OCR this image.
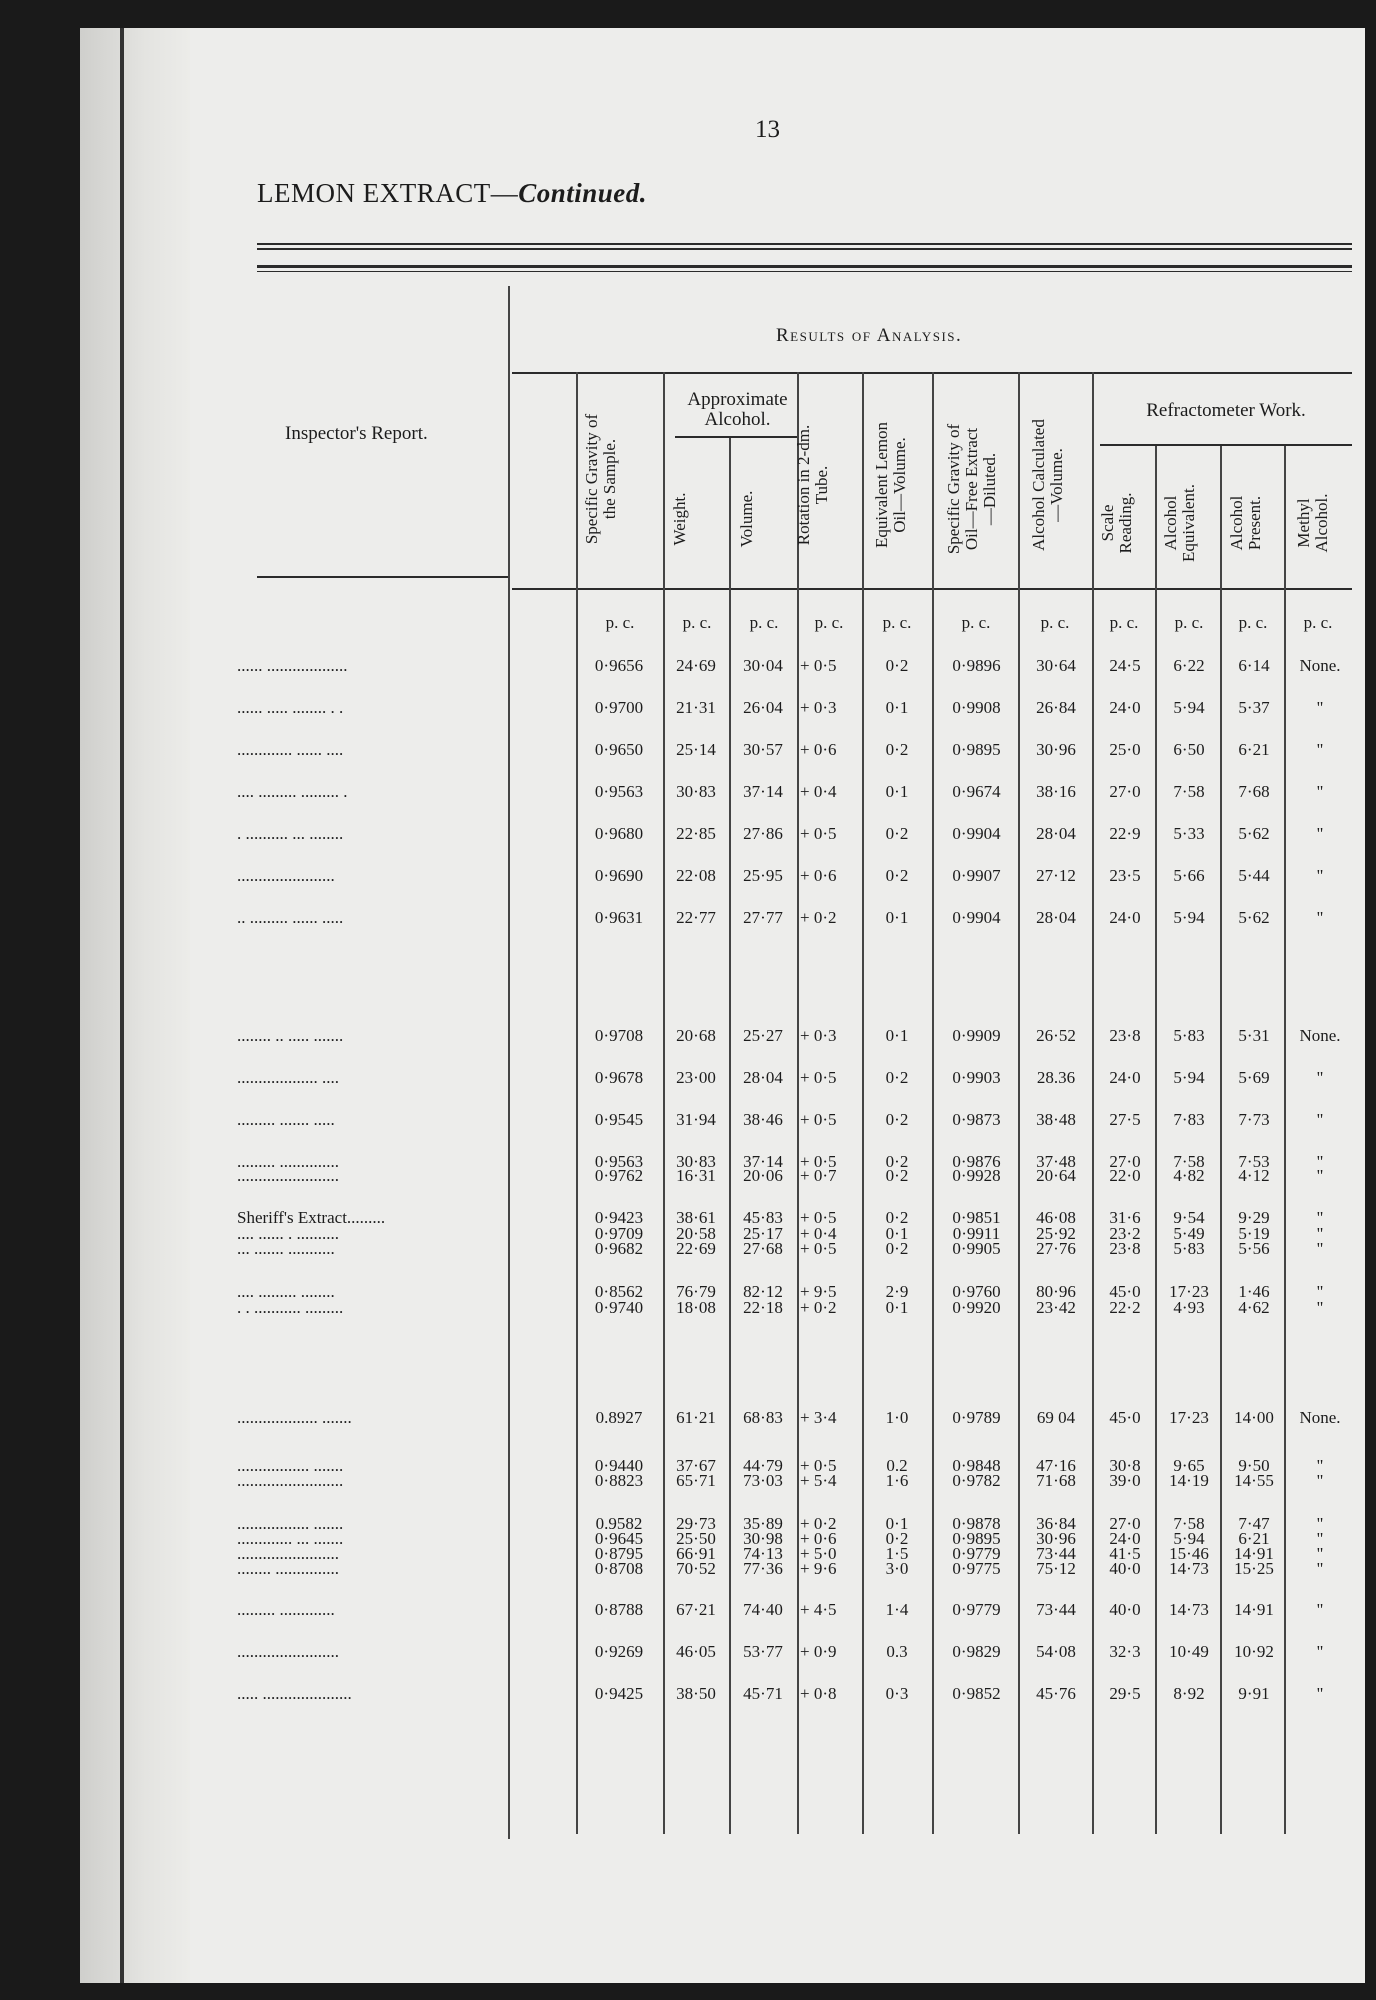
13
LEMON EXTRACT—Continued.
Inspector's Report.
Results of Analysis.
Approximate
Alcohol.	Refractometer Work.
Specific Gravity of
the Sample.
Weight.	Volume.	Rotation in 2-dm.
Tube.	Equivalent Lemon
Oil—Volume.	Specific Gravity of
Oil—Free Extract
—Diluted.	Alcohol Calculated
—Volume.
Scale
Reading.	Alcohol
Equivalent.	Alcohol
Present.	Methyl
Alcohol.
p. c.	p. c.	p. c.	p. c.	p. c.	p. c.	p. c.	p. c.	p. c.	p. c.	p. c.
...... ...................	0·9656	24·69	30·04	+ 0·5	0·2	0·9896	30·64	24·5	6·22	6·14	None.
...... ..... ........ . .	0·9700	21·31	26·04	+ 0·3	0·1	0·9908	26·84	24·0	5·94	5·37	"
............. ...... ....	0·9650	25·14	30·57	+ 0·6	0·2	0·9895	30·96	25·0	6·50	6·21	"
.... ......... ......... .	0·9563	30·83	37·14	+ 0·4	0·1	0·9674	38·16	27·0	7·58	7·68	"
. .......... ... ........	0·9680	22·85	27·86	+ 0·5	0·2	0·9904	28·04	22·9	5·33	5·62	"
.......................	0·9690	22·08	25·95	+ 0·6	0·2	0·9907	27·12	23·5	5·66	5·44	"
.. ......... ...... .....	0·9631	22·77	27·77	+ 0·2	0·1	0·9904	28·04	24·0	5·94	5·62	"
........ .. ..... .......	0·9708	20·68	25·27	+ 0·3	0·1	0·9909	26·52	23·8	5·83	5·31	None.
................... ....	0·9678	23·00	28·04	+ 0·5	0·2	0·9903	28.36	24·0	5·94	5·69	"
......... ....... .....	0·9545	31·94	38·46	+ 0·5	0·2	0·9873	38·48	27·5	7·83	7·73	"
......... ..............	0·9563	30·83	37·14	+ 0·5	0·2	0·9876	37·48	27·0	7·58	7·53	"
........................	0·9762	16·31	20·06	+ 0·7	0·2	0·9928	20·64	22·0	4·82	4·12	"
Sheriff's Extract.........	0·9423	38·61	45·83	+ 0·5	0·2	0·9851	46·08	31·6	9·54	9·29	"
.... ...... . ..........	0·9709	20·58	25·17	+ 0·4	0·1	0·9911	25·92	23·2	5·49	5·19	"
... ....... ...........	0·9682	22·69	27·68	+ 0·5	0·2	0·9905	27·76	23·8	5·83	5·56	"
.... ......... ........	0·8562	76·79	82·12	+ 9·5	2·9	0·9760	80·96	45·0	17·23	1·46	"
. . ........... .........	0·9740	18·08	22·18	+ 0·2	0·1	0·9920	23·42	22·2	4·93	4·62	"
................... .......	0.8927	61·21	68·83	+ 3·4	1·0	0·9789	69 04	45·0	17·23	14·00	None.
................. .......	0·9440	37·67	44·79	+ 0·5	0.2	0·9848	47·16	30·8	9·65	9·50	"
.........................	0·8823	65·71	73·03	+ 5·4	1·6	0·9782	71·68	39·0	14·19	14·55	"
................. .......	0.9582	29·73	35·89	+ 0·2	0·1	0·9878	36·84	27·0	7·58	7·47	"
............. ... .......	0·9645	25·50	30·98	+ 0·6	0·2	0·9895	30·96	24·0	5·94	6·21	"
........................	0·8795	66·91	74·13	+ 5·0	1·5	0·9779	73·44	41·5	15·46	14·91	"
........ ...............	0·8708	70·52	77·36	+ 9·6	3·0	0·9775	75·12	40·0	14·73	15·25	"
......... .............	0·8788	67·21	74·40	+ 4·5	1·4	0·9779	73·44	40·0	14·73	14·91	"
........................	0·9269	46·05	53·77	+ 0·9	0.3	0·9829	54·08	32·3	10·49	10·92	"
..... .....................	0·9425	38·50	45·71	+ 0·8	0·3	0·9852	45·76	29·5	8·92	9·91	"
